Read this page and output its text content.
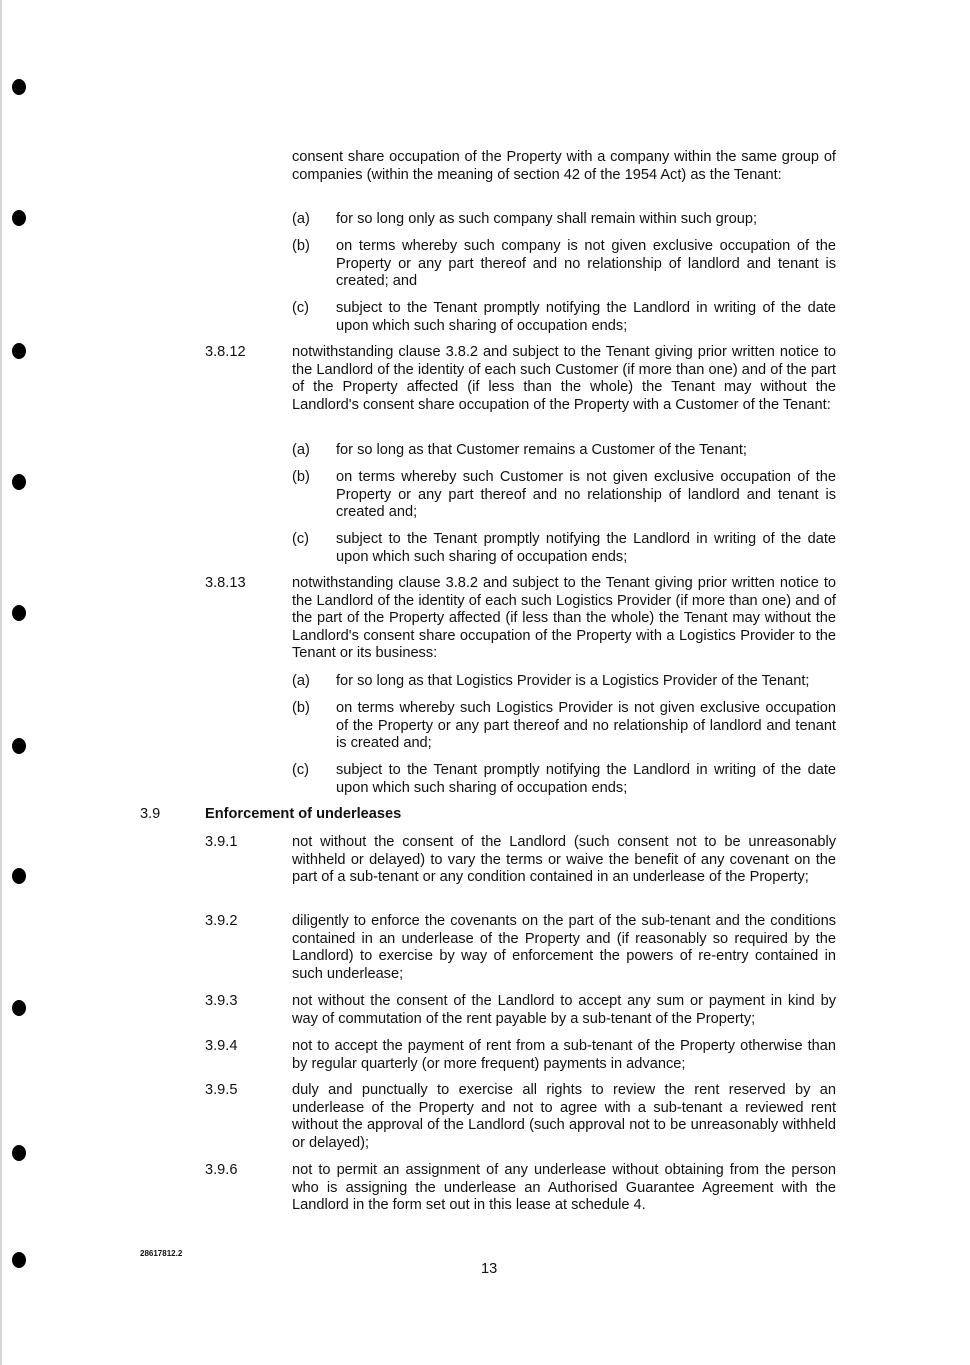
consent share occupation of the Property with a company within the same group of companies (within the meaning of section 42 of the 1954 Act) as the Tenant:
(a) for so long only as such company shall remain within such group;
(b) on terms whereby such company is not given exclusive occupation of the Property or any part thereof and no relationship of landlord and tenant is created; and
(c) subject to the Tenant promptly notifying the Landlord in writing of the date upon which such sharing of occupation ends;
3.8.12	notwithstanding clause 3.8.2 and subject to the Tenant giving prior written notice to the Landlord of the identity of each such Customer (if more than one) and of the part of the Property affected (if less than the whole) the Tenant may without the Landlord's consent share occupation of the Property with a Customer of the Tenant:
(a) for so long as that Customer remains a Customer of the Tenant;
(b) on terms whereby such Customer is not given exclusive occupation of the Property or any part thereof and no relationship of landlord and tenant is created and;
(c) subject to the Tenant promptly notifying the Landlord in writing of the date upon which such sharing of occupation ends;
3.8.13	notwithstanding clause 3.8.2 and subject to the Tenant giving prior written notice to the Landlord of the identity of each such Logistics Provider (if more than one) and of the part of the Property affected (if less than the whole) the Tenant may without the Landlord's consent share occupation of the Property with a Logistics Provider to the Tenant or its business:
(a) for so long as that Logistics Provider is a Logistics Provider of the Tenant;
(b) on terms whereby such Logistics Provider is not given exclusive occupation of the Property or any part thereof and no relationship of landlord and tenant is created and;
(c) subject to the Tenant promptly notifying the Landlord in writing of the date upon which such sharing of occupation ends;
3.9	Enforcement of underleases
3.9.1	not without the consent of the Landlord (such consent not to be unreasonably withheld or delayed) to vary the terms or waive the benefit of any covenant on the part of a sub-tenant or any condition contained in an underlease of the Property;
3.9.2	diligently to enforce the covenants on the part of the sub-tenant and the conditions contained in an underlease of the Property and (if reasonably so required by the Landlord) to exercise by way of enforcement the powers of re-entry contained in such underlease;
3.9.3	not without the consent of the Landlord to accept any sum or payment in kind by way of commutation of the rent payable by a sub-tenant of the Property;
3.9.4	not to accept the payment of rent from a sub-tenant of the Property otherwise than by regular quarterly (or more frequent) payments in advance;
3.9.5	duly and punctually to exercise all rights to review the rent reserved by an underlease of the Property and not to agree with a sub-tenant a reviewed rent without the approval of the Landlord (such approval not to be unreasonably withheld or delayed);
3.9.6	not to permit an assignment of any underlease without obtaining from the person who is assigning the underlease an Authorised Guarantee Agreement with the Landlord in the form set out in this lease at schedule 4.
28617812.2
13
